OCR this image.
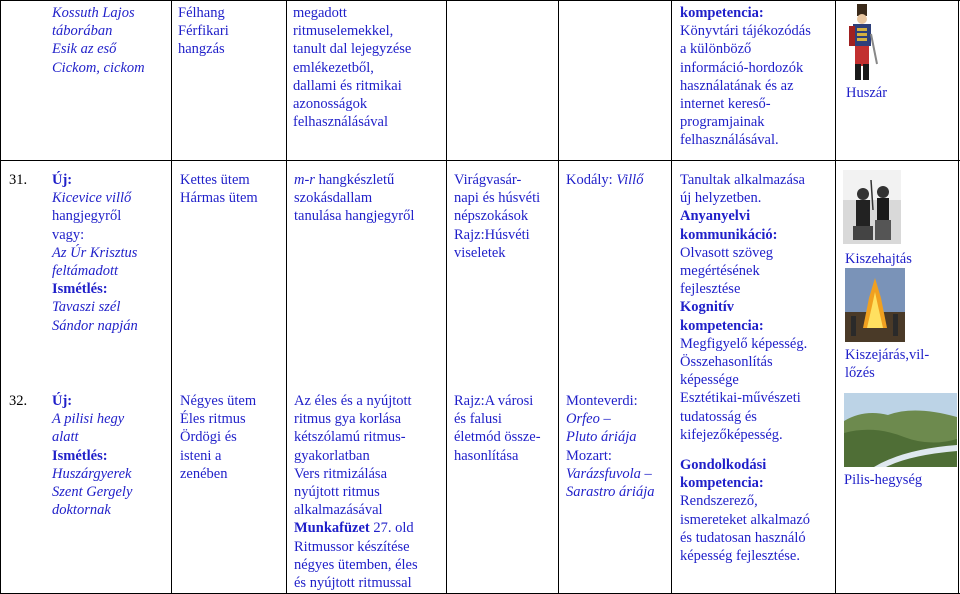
Kossuth Lajos
táborában
Esik az eső
Cickom, cickom
Félhang
Férfikari
hangzás
megadott
ritmuselemekkel,
tanult dal lejegyzése
emlékezetből,
dallami és ritmikai
azonosságok
felhasználásával
kompetencia:
Könyvtári tájékozódás
a különböző
információ-hordozók
használatának és az
internet kereső-
programjainak
felhasználásával.
Huszár
31. Új:
Kicevice villő
hangjegyről
vagy:
Az Úr Krisztus
feltámadott
Ismétlés:
Tavaszi szél
Sándor napján
Kettes ütem
Hármas ütem
m-r hangkészletű
szokásdallam
tanulása hangjegyről
Virágvasár-
napi és húsvéti
népszokások
Rajz:Húsvéti
viseletek
Kodály: Villő	Tanultak alkalmazása
új helyzetben.
Anyanyelvi
kommunikáció:
Olvasott szöveg
megértésének
fejlesztése
Kognitív
kompetencia:
Megfigyelő képesség.
Összehasonlítás
képessége
Esztétikai-művészeti
tudatosság és
kifejezőképesség.
Gondolkodási
kompetencia:
Rendszerező,
ismereteket alkalmazó
és tudatosan használó
képesség fejlesztése.
Kiszehajtás
Kiszejárás,vil-
lőzés
Pilis-hegység
32. Új:
A pilisi hegy
alatt
Ismétlés:
Huszárgyerek
Szent Gergely
doktornak
Négyes ütem
Éles ritmus
Ördögi és
isteni a
zenében
Az éles és a nyújtott
ritmus gya korlása
kétszólamú ritmus-
gyakorlatban
Vers ritmizálása
nyújtott ritmus
alkalmazásával
Munkafüzet 27. old
Ritmussor készítése
négyes ütemben, éles
és nyújtott ritmussal
Rajz:A városi
és falusi
életmód össze-
hasonlítása
Monteverdi:
Orfeo –
Pluto áriája
Mozart:
Varázsfuvola –
Sarastro áriája
